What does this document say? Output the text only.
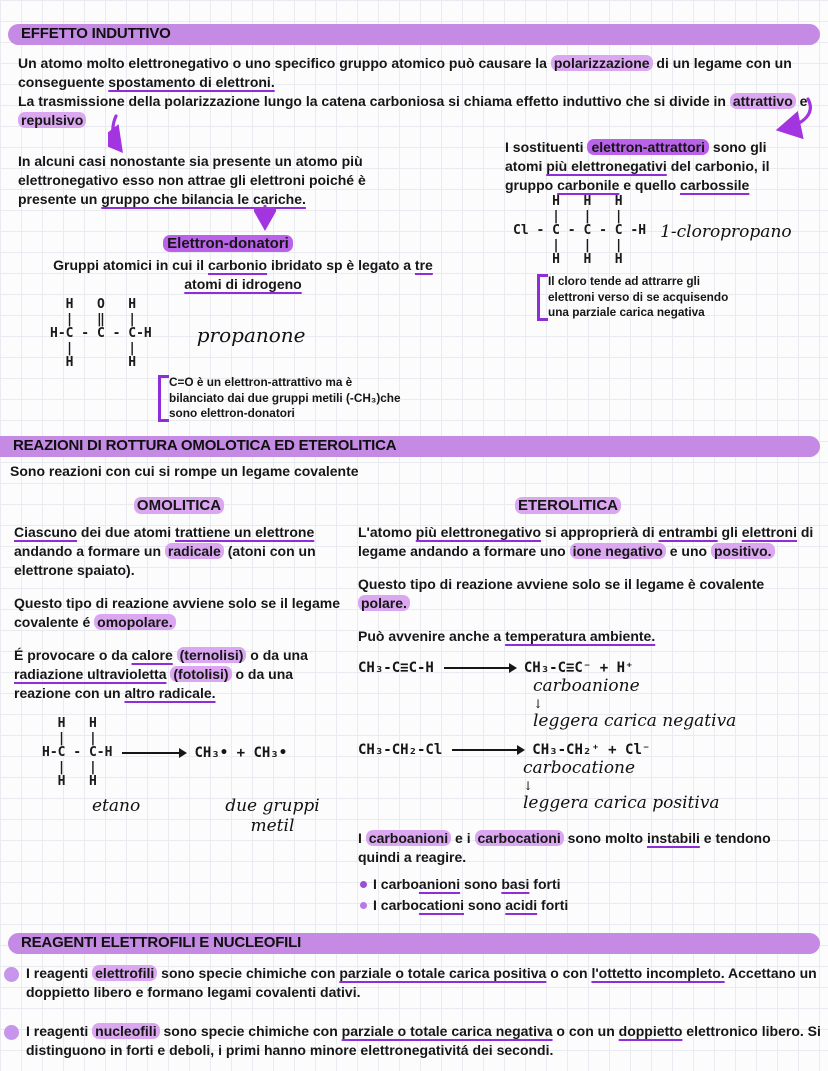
EFFETTO INDUTTIVO
Un atomo molto elettronegativo o uno specifico gruppo atomico può causare la polarizzazione di un legame con un conseguente spostamento di elettroni.
La trasmissione della polarizzazione lungo la catena carboniosa si chiama effetto induttivo che si divide in attrattivo e repulsivo
In alcuni casi nonostante sia presente un atomo più elettronegativo esso non attrae gli elettroni poiché è presente un gruppo che bilancia le cariche.
Elettron-donatori
Gruppi atomici in cui il carbonio ibridato sp è legato a tre atomi di idrogeno
H   O   H
|   ‖   |
H-C - C - C-H
|       |
H       H
propanone
C=O è un elettron-attrattivo ma è
bilanciato dai due gruppi metili (-CH₃)che
sono elettron-donatori
I sostituenti elettron-attrattori sono gli atomi più elettronegativi del carbonio, il gruppo carbonile e quello carbossile
H   H   H
|   |   |
Cl - C - C - C -H
|   |   |
H   H   H
1-cloropropano
Il cloro tende ad attrarre gli
elettroni verso di se acquisendo
una parziale carica negativa
REAZIONI DI ROTTURA OMOLOTICA ED ETEROLITICA
Sono reazioni con cui si rompe un legame covalente
OMOLITICA
Ciascuno dei due atomi trattiene un elettrone andando a formare un radicale (atoni con un elettrone spaiato).
Questo tipo di reazione avviene solo se il legame covalente é omopolare.
É provocare o da calore (ternolisi) o da una radiazione ultravioletta (fotolisi) o da una reazione con un altro radicale.
H   H
|   |
H-C - C-H
|   |
H   H
→ CH₃• + CH₃•
etano	due gruppi
metil
ETEROLITICA
L'atomo più elettronegativo si approprierà di entrambi gli elettroni di legame andando a formare uno ione negativo e uno positivo.
Questo tipo di reazione avviene solo se il legame è covalente polare.
Può avvenire anche a temperatura ambiente.
CH₃-C≡C-H	CH₃-C≡C⁻ + H⁺
carboanione
↓
leggera carica negativa
CH₃-CH₂-Cl	CH₃-CH₂⁺ + Cl⁻
carbocatione
↓
leggera carica positiva
I carboanioni e i carbocationi sono molto instabili e tendono quindi a reagire.
I carboanioni sono basi forti
I carbocationi sono acidi forti
REAGENTI ELETTROFILI E NUCLEOFILI
I reagenti elettrofili sono specie chimiche con parziale o totale carica positiva o con l'ottetto incompleto. Accettano un doppietto libero e formano legami covalenti dativi.
I reagenti nucleofili sono specie chimiche con parziale o totale carica negativa o con un doppietto elettronico libero. Si distinguono in forti e deboli, i primi hanno minore elettronegativitá dei secondi.
